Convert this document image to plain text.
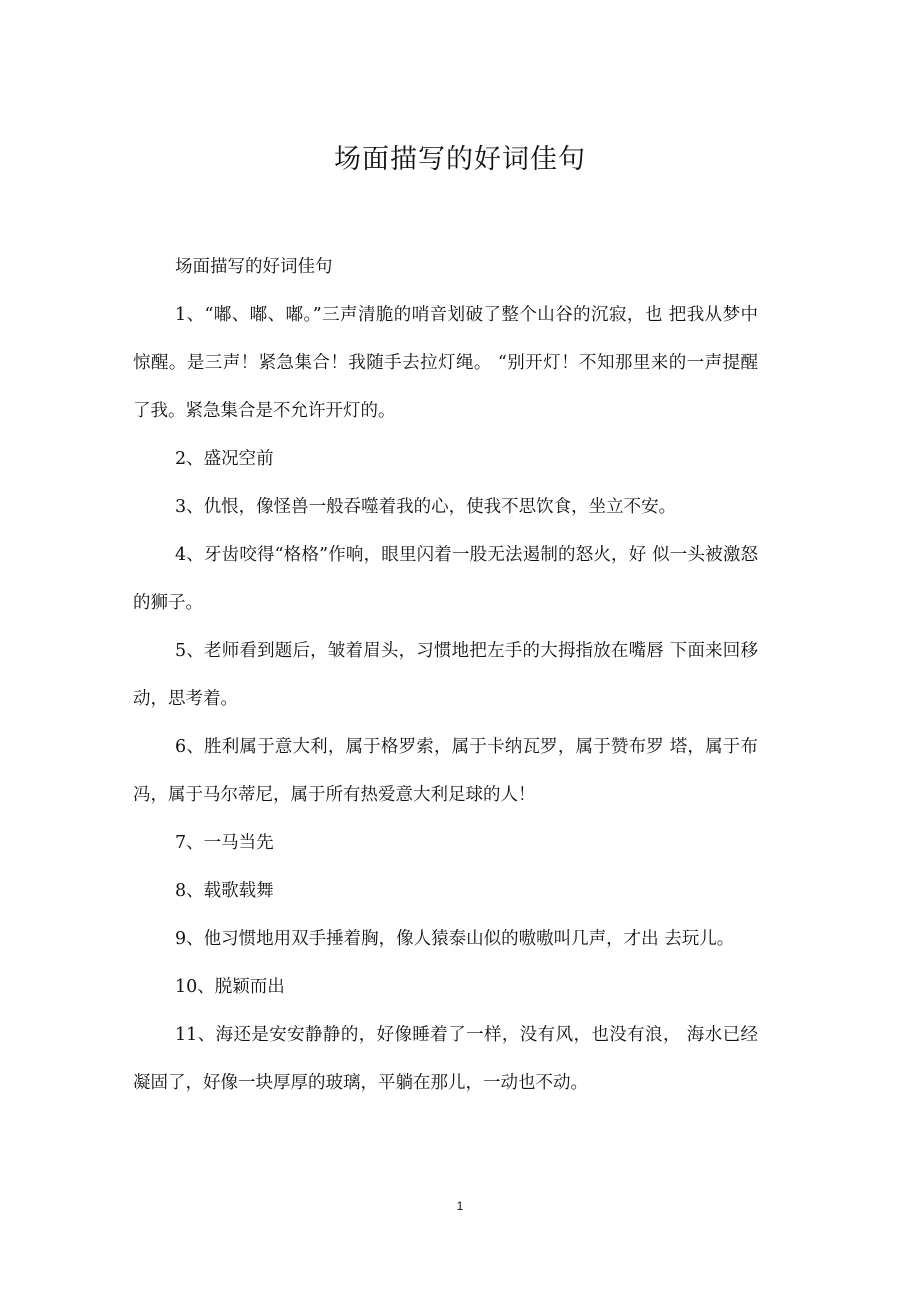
场面描写的好词佳句

场面描写的好词佳句

1、“嘟、嘟、嘟。”三声清脆的哨音划破了整个山谷的沉寂，也 把我从梦中惊醒。是三声！紧急集合！我随手去拉灯绳。 “别开灯！不知那里来的一声提醒了我。紧急集合是不允许开灯的。

2、盛况空前

3、仇恨，像怪兽一般吞噬着我的心，使我不思饮食，坐立不安。

4、牙齿咬得“格格”作响，眼里闪着一股无法遏制的怒火，好 似一头被激怒的狮子。

5、老师看到题后，皱着眉头，习惯地把左手的大拇指放在嘴唇 下面来回移动，思考着。

6、胜利属于意大利，属于格罗索，属于卡纳瓦罗，属于赞布罗 塔，属于布冯，属于马尔蒂尼，属于所有热爱意大利足球的人！

7、一马当先

8、载歌载舞

9、他习惯地用双手捶着胸，像人猿泰山似的嗷嗷叫几声，才出 去玩儿。

10、脱颖而出

11、海还是安安静静的，好像睡着了一样，没有风，也没有浪， 海水已经凝固了，好像一块厚厚的玻璃，平躺在那儿，一动也不动。

1
